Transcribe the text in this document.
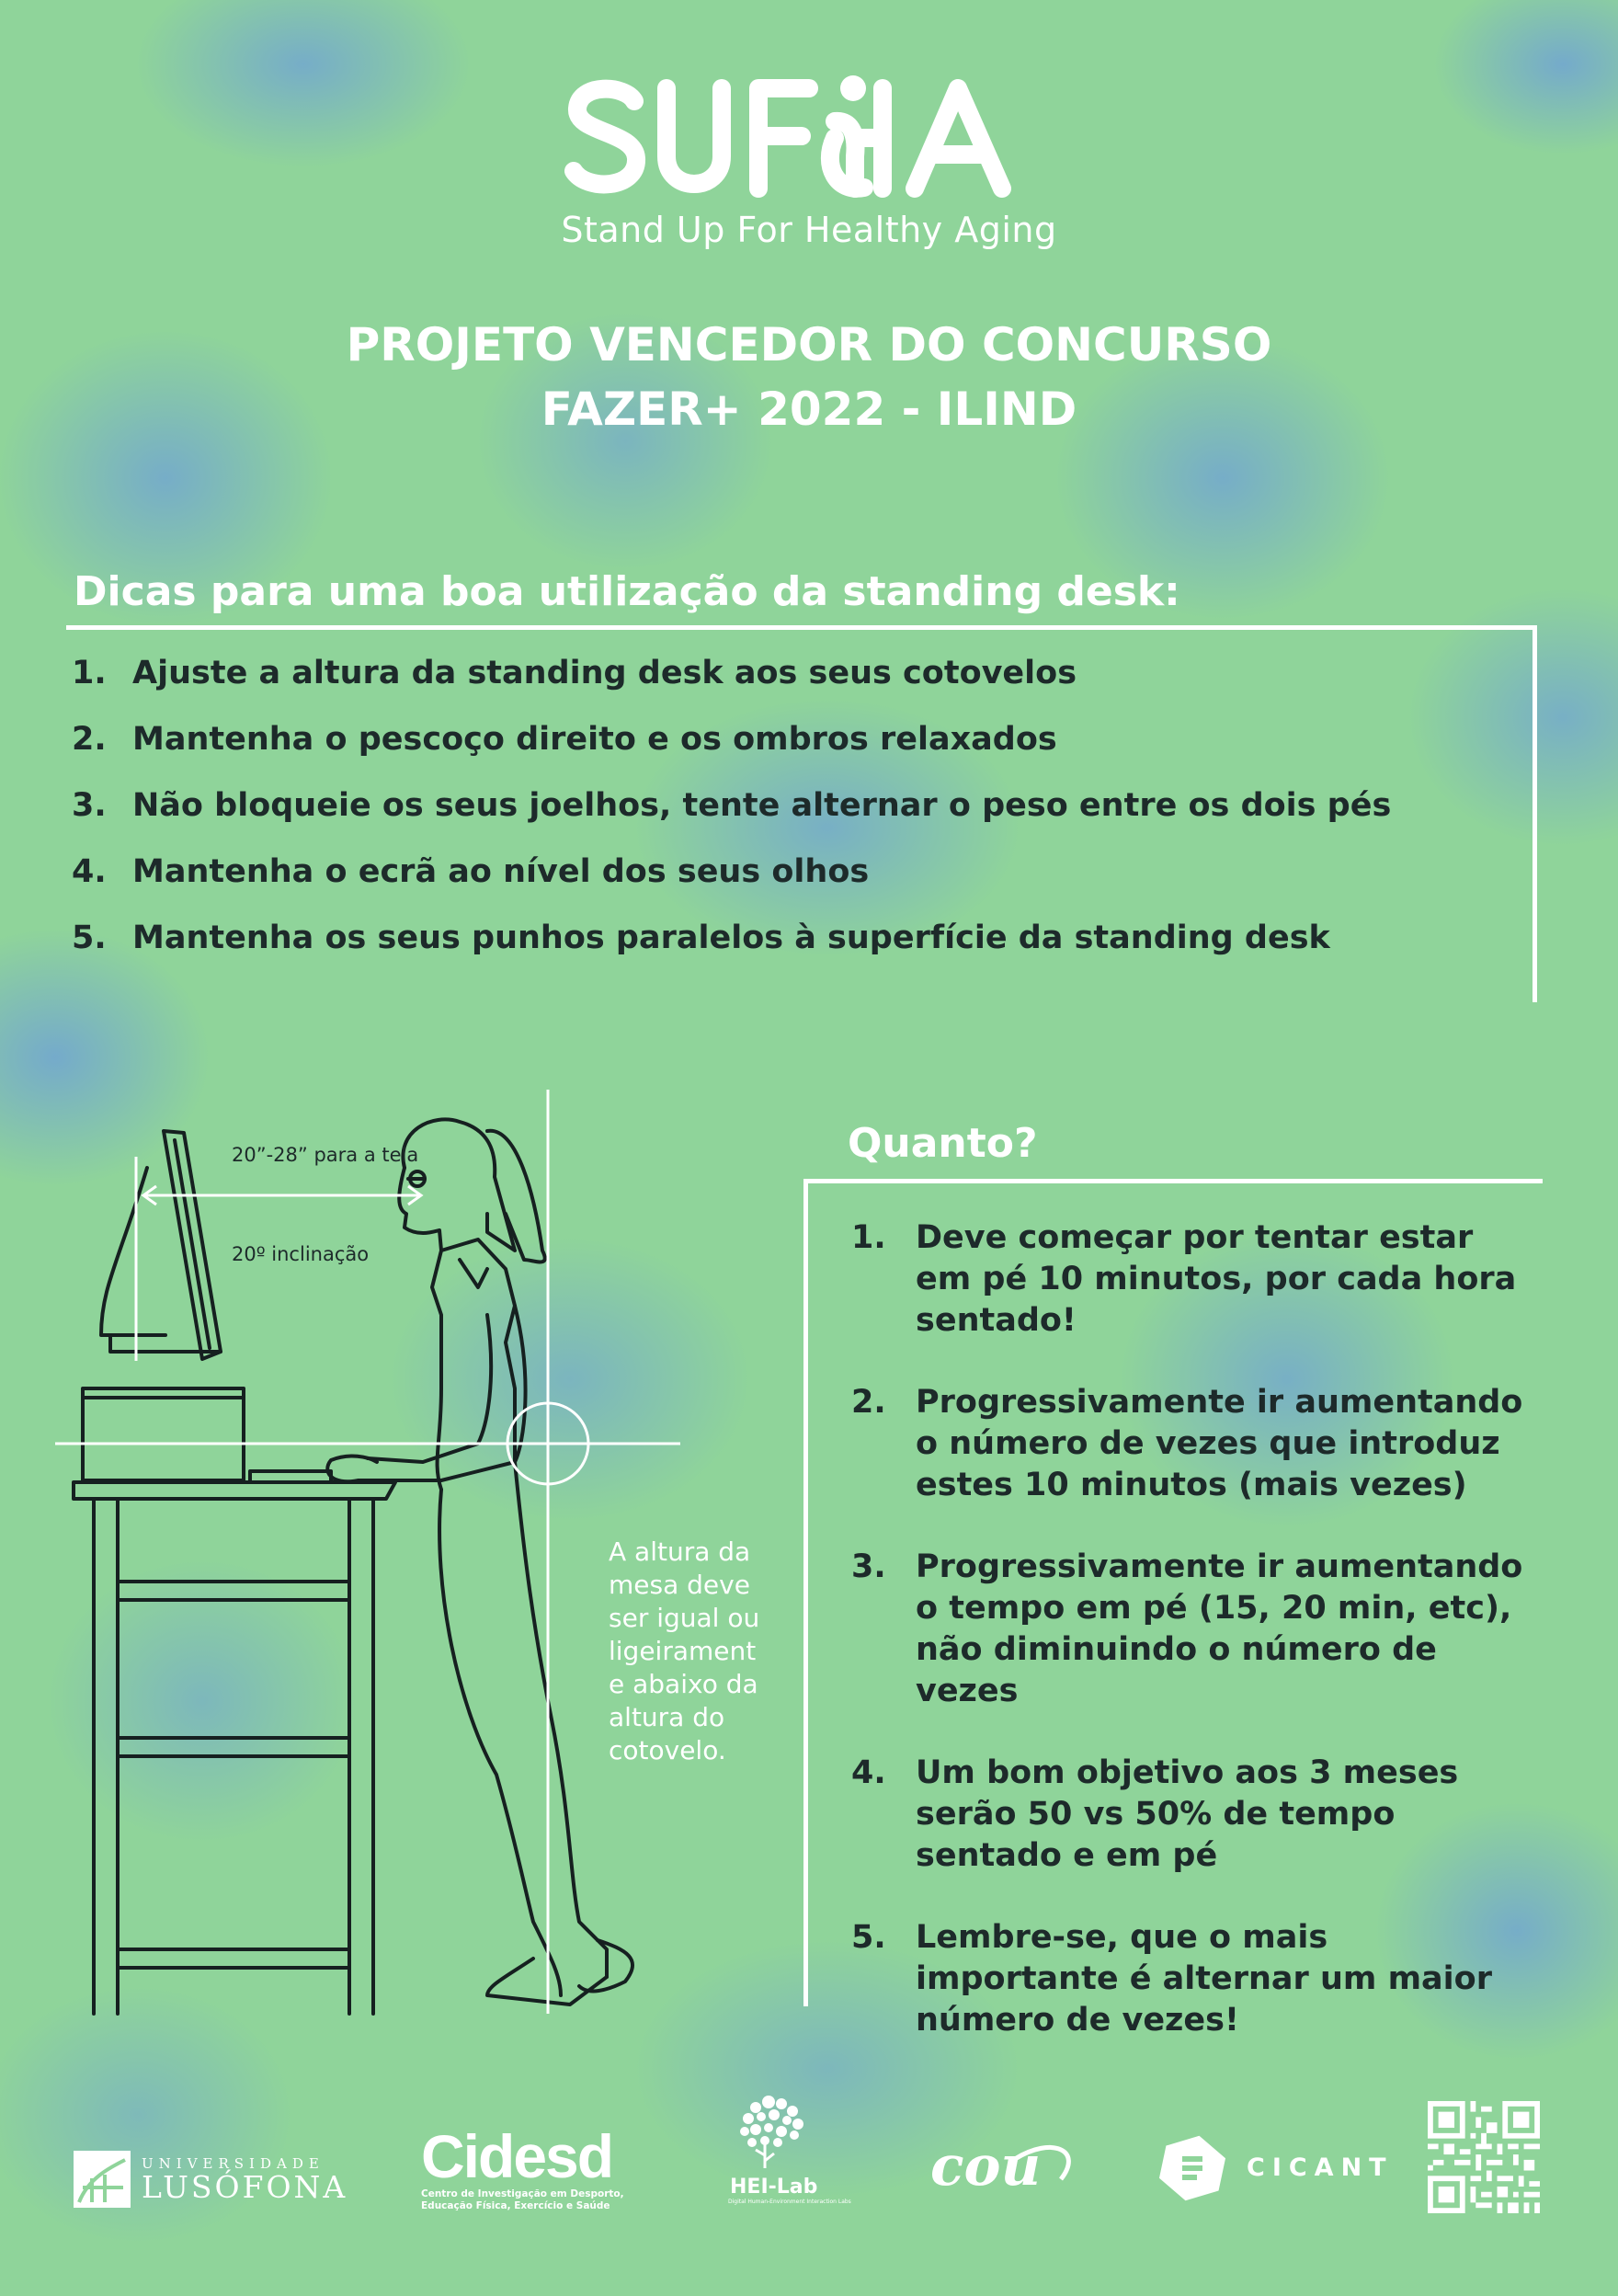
Stand Up For Healthy Aging
PROJETO VENCEDOR DO CONCURSO
FAZER+ 2022 - ILIND
Dicas para uma boa utilização da standing desk:
1. Ajuste a altura da standing desk aos seus cotovelos
2. Mantenha o pescoço direito e os ombros relaxados
3. Não bloqueie os seus joelhos, tente alternar o peso entre os dois pés
4. Mantenha o ecrã ao nível dos seus olhos
5. Mantenha os seus punhos paralelos à superfície da standing desk
20”-28” para a tela
20º inclinação
A altura da mesa deve ser igual ou ligeirament e abaixo da altura do cotovelo.
Quanto?
1. Deve começar por tentar estar em pé 10 minutos, por cada hora sentado!
2. Progressivamente ir aumentando o número de vezes que introduz estes 10 minutos (mais vezes)
3. Progressivamente ir aumentando o tempo em pé (15, 20 min, etc), não diminuindo o número de vezes
4. Um bom objetivo aos 3 meses serão 50 vs 50% de tempo sentado e em pé
5. Lembre-se, que o mais importante é alternar um maior número de vezes!
UNIVERSIDADE
LUSÓFONA Cidesd
Centro de Investigação em Desporto, Educação Física, Exercício e Saúde
HEI-Lab
Digital Human-Environment Interaction Labs
cou	CICANT
